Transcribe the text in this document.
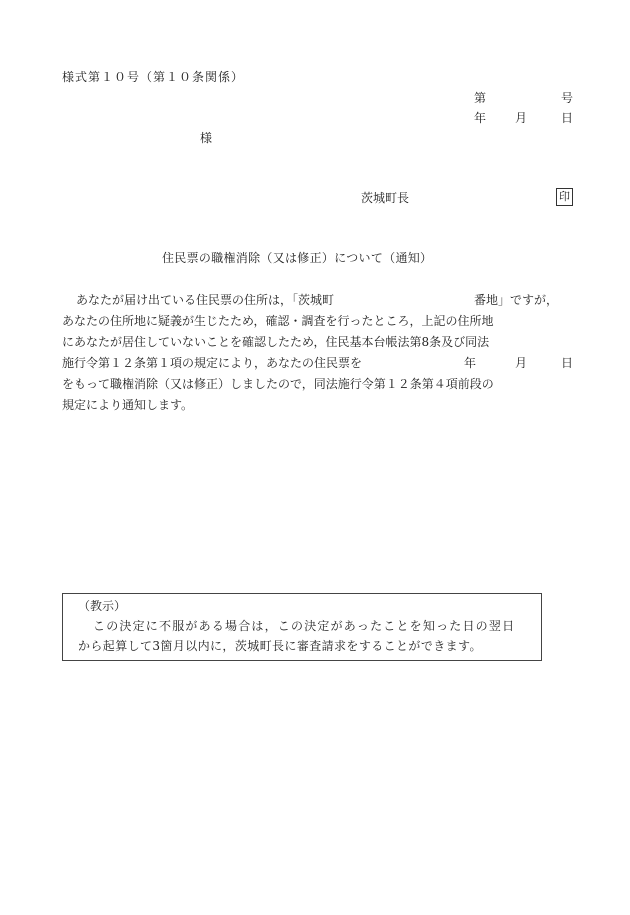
様式第１０号（第１０条関係）
第	号
年 月	日
様
茨城町長	印
住民票の職権消除（又は修正）について（通知）
あなたが届け出ている住民票の住所は，「茨城町	番地」ですが，
あなたの住所地に疑義が生じたため，確認・調査を行ったところ，上記の住所地
にあなたが居住していないことを確認したため，住民基本台帳法第8条及び同法
施行令第１２条第１項の規定により，あなたの住民票を	年	月	日
をもって職権消除（又は修正）しましたので，同法施行令第１２条第４項前段の
規定により通知します。
（教示）
この決定に不服がある場合は，この決定があったことを知った日の翌日
から起算して3箇月以内に，茨城町長に審査請求をすることができます。
